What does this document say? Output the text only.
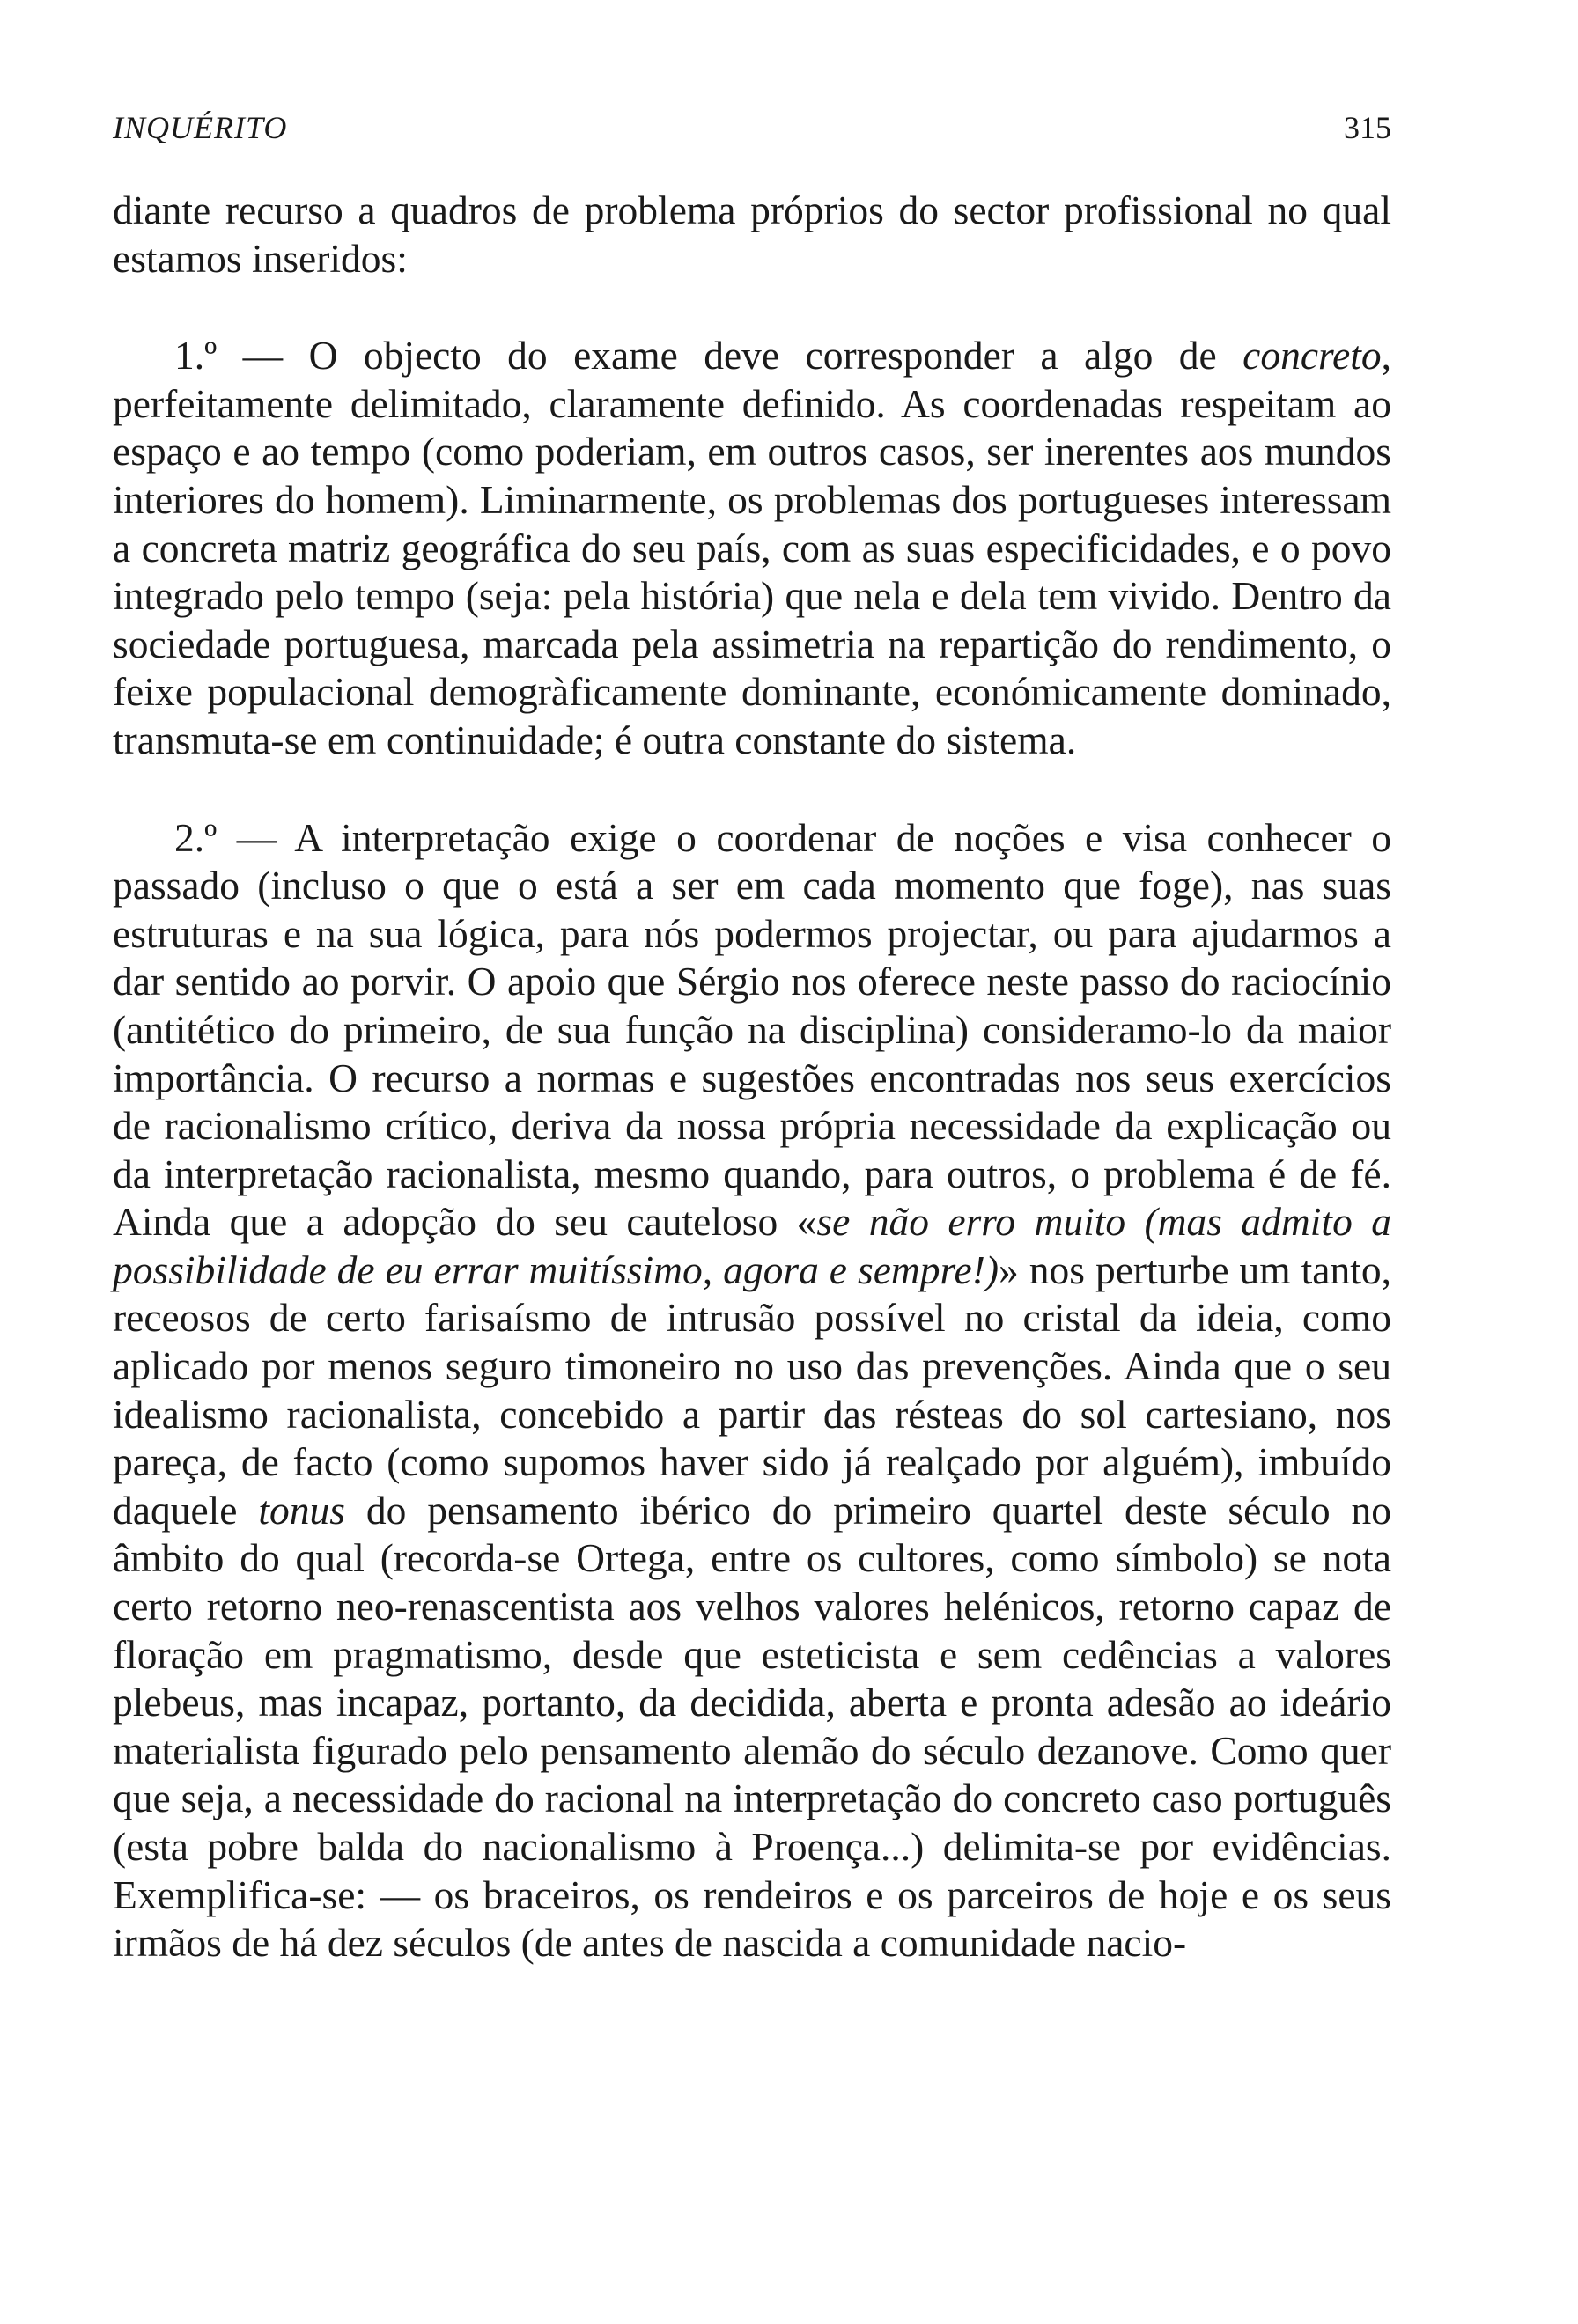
INQUÉRITO	315

diante recurso a quadros de problema próprios do sector profissional no qual estamos inseridos:

1.º — O objecto do exame deve corresponder a algo de concreto, perfeitamente delimitado, claramente definido. As coordenadas respeitam ao espaço e ao tempo (como poderiam, em outros casos, ser inerentes aos mundos interiores do homem). Liminarmente, os problemas dos portugueses interessam a concreta matriz geográfica do seu país, com as suas especificidades, e o povo integrado pelo tempo (seja: pela história) que nela e dela tem vivido. Dentro da sociedade portuguesa, marcada pela assimetria na repartição do rendimento, o feixe populacional demogràficamente dominante, económicamente dominado, transmuta-se em continuidade; é outra constante do sistema.

2.º — A interpretação exige o coordenar de noções e visa conhecer o passado (incluso o que o está a ser em cada momento que foge), nas suas estruturas e na sua lógica, para nós podermos projectar, ou para ajudarmos a dar sentido ao porvir. O apoio que Sérgio nos oferece neste passo do raciocínio (antitético do primeiro, de sua função na disciplina) consideramo-lo da maior importância. O recurso a normas e sugestões encontradas nos seus exercícios de racionalismo crítico, deriva da nossa própria necessidade da explicação ou da interpretação racionalista, mesmo quando, para outros, o problema é de fé. Ainda que a adopção do seu cauteloso «se não erro muito (mas admito a possibilidade de eu errar muitíssimo, agora e sempre!)» nos perturbe um tanto, receosos de certo farisaísmo de intrusão possível no cristal da ideia, como aplicado por menos seguro timoneiro no uso das prevenções. Ainda que o seu idealismo racionalista, concebido a partir das résteas do sol cartesiano, nos pareça, de facto (como supomos haver sido já realçado por alguém), imbuído daquele tonus do pensamento ibérico do primeiro quartel deste século no âmbito do qual (recorda-se Ortega, entre os cultores, como símbolo) se nota certo retorno neo-renascentista aos velhos valores helénicos, retorno capaz de floração em pragmatismo, desde que esteticista e sem cedências a valores plebeus, mas incapaz, portanto, da decidida, aberta e pronta adesão ao ideário materialista figurado pelo pensamento alemão do século dezanove. Como quer que seja, a necessidade do racional na interpretação do concreto caso português (esta pobre balda do nacionalismo à Proença...) delimita-se por evidências. Exemplifica-se: — os braceiros, os rendeiros e os parceiros de hoje e os seus irmãos de há dez séculos (de antes de nascida a comunidade nacio-
